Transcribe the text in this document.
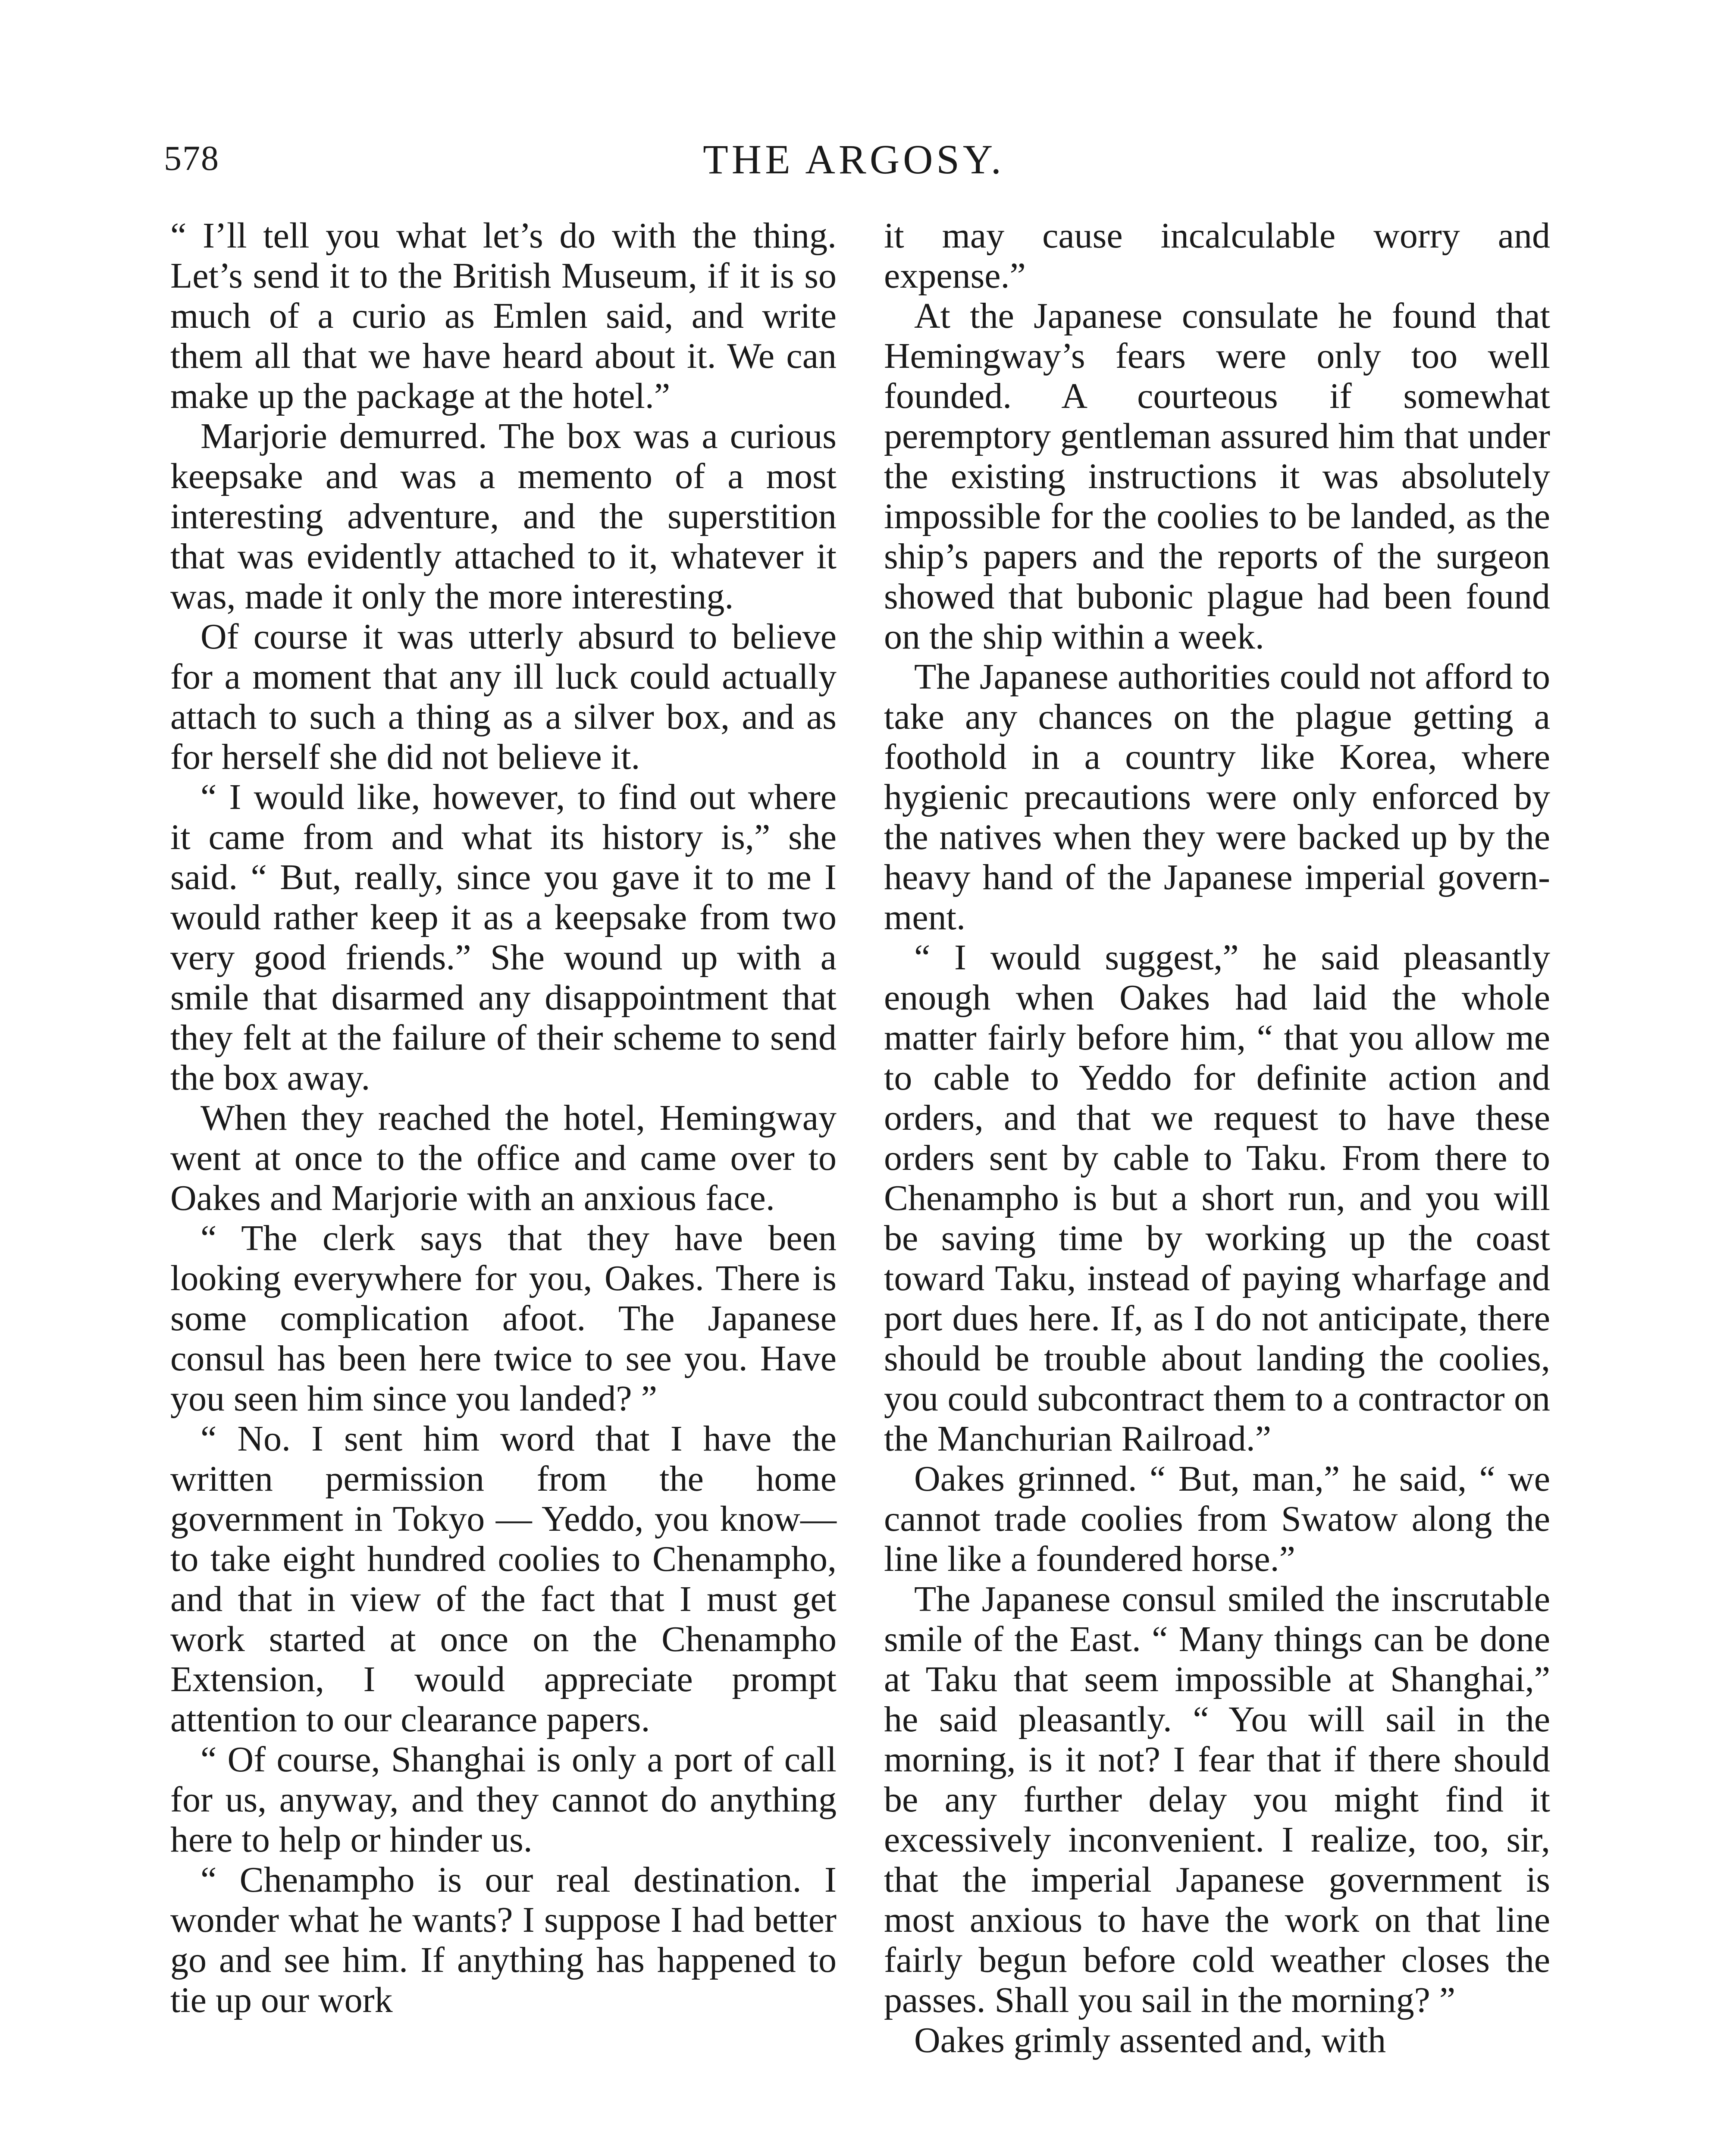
578	THE ARGOSY.

“ I’ll tell you what let’s do with the thing. Let’s send it to the British Museum, if it is so much of a curio as Emlen said, and write them all that we have heard about it. We can make up the package at the hotel.”

Marjorie demurred. The box was a curious keepsake and was a memento of a most interesting adventure, and the superstition that was evidently attached to it, whatever it was, made it only the more interesting.

Of course it was utterly absurd to believe for a moment that any ill luck could actually attach to such a thing as a silver box, and as for herself she did not believe it.

“ I would like, however, to find out where it came from and what its history is,” she said. “ But, really, since you gave it to me I would rather keep it as a keepsake from two very good friends.” She wound up with a smile that disarmed any disappointment that they felt at the failure of their scheme to send the box away.

When they reached the hotel, Hemingway went at once to the office and came over to Oakes and Marjorie with an anxious face.

“ The clerk says that they have been looking everywhere for you, Oakes. There is some complication afoot. The Japanese consul has been here twice to see you. Have you seen him since you landed? ”

“ No. I sent him word that I have the written permission from the home government in Tokyo — Yeddo, you know—to take eight hundred coolies to Chenampho, and that in view of the fact that I must get work started at once on the Chenampho Extension, I would appreciate prompt attention to our clearance papers.

“ Of course, Shanghai is only a port of call for us, anyway, and they cannot do anything here to help or hinder us.

“ Chenampho is our real destination. I wonder what he wants? I suppose I had better go and see him. If anything has happened to tie up our work

it may cause incalculable worry and expense.”

At the Japanese consulate he found that Hemingway’s fears were only too well founded. A courteous if somewhat peremptory gentleman assured him that under the existing instructions it was absolutely impossible for the coolies to be landed, as the ship’s papers and the reports of the surgeon showed that bubonic plague had been found on the ship within a week.

The Japanese authorities could not afford to take any chances on the plague getting a foothold in a country like Korea, where hygienic precautions were only enforced by the natives when they were backed up by the heavy hand of the Japanese imperial government.

“ I would suggest,” he said pleasantly enough when Oakes had laid the whole matter fairly before him, “ that you allow me to cable to Yeddo for definite action and orders, and that we request to have these orders sent by cable to Taku. From there to Chenampho is but a short run, and you will be saving time by working up the coast toward Taku, instead of paying wharfage and port dues here. If, as I do not anticipate, there should be trouble about landing the coolies, you could subcontract them to a contractor on the Manchurian Railroad.”

Oakes grinned. “ But, man,” he said, “ we cannot trade coolies from Swatow along the line like a foundered horse.”

The Japanese consul smiled the inscrutable smile of the East. “ Many things can be done at Taku that seem impossible at Shanghai,” he said pleasantly. “ You will sail in the morning, is it not? I fear that if there should be any further delay you might find it excessively inconvenient. I realize, too, sir, that the imperial Japanese government is most anxious to have the work on that line fairly begun before cold weather closes the passes. Shall you sail in the morning? ”

Oakes grimly assented and, with
